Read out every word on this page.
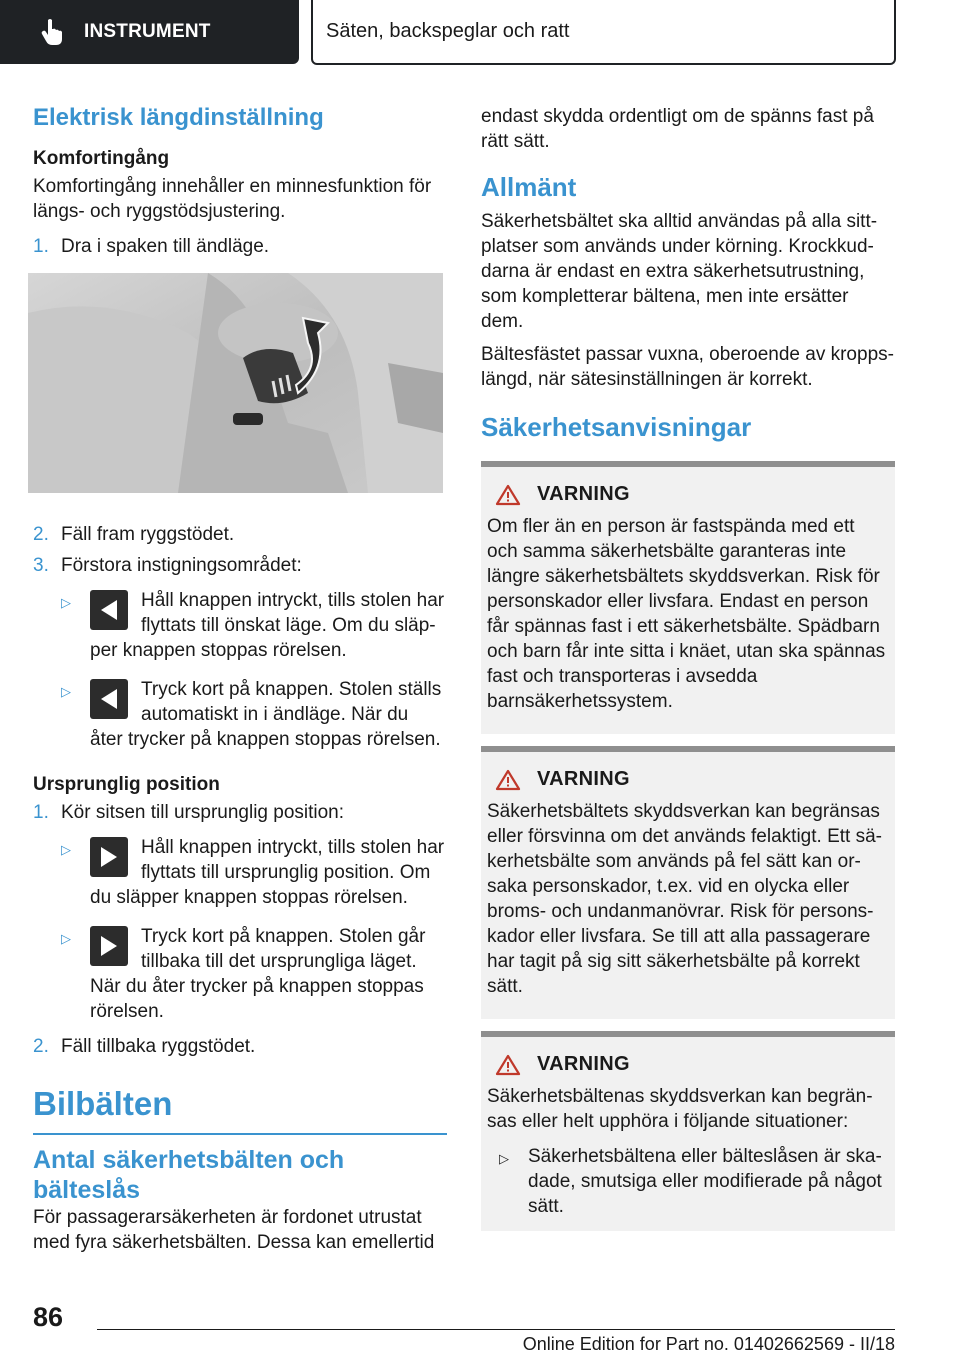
INSTRUMENT	Säten, backspeglar och ratt
Elektrisk längdinställning
Komfortingång

Komfortingång innehåller en minnesfunktion för längs- och ryggstödsjustering.

1. Dra i spaken till ändläge.
2. Fäll fram ryggstödet.
3. Förstora instigningsområdet:
▷	Håll knappen intryckt, tills stolen har flyttats till önskat läge. Om du släpper knappen stoppas rörelsen.
▷	Tryck kort på knappen. Stolen ställs automatiskt in i ändläge. När du åter trycker på knappen stoppas rörelsen.
Ursprunglig position
1. Kör sitsen till ursprunglig position:
▷	Håll knappen intryckt, tills stolen har flyttats till ursprunglig position. Om du släpper knappen stoppas rörelsen.
▷	Tryck kort på knappen. Stolen går tillbaka till det ursprungliga läget. När du åter trycker på knappen stoppas rörelsen.
2. Fäll tillbaka ryggstödet.
Bilbälten
Antal säkerhetsbälten och bälteslås

För passagerarsäkerheten är fordonet utrustat med fyra säkerhetsbälten. Dessa kan emellertid

endast skydda ordentligt om de spänns fast på rätt sätt.

Allmänt

Säkerhetsbältet ska alltid användas på alla sittplatser som används under körning. Krockkuddarna är endast en extra säkerhetsutrustning, som kompletterar bältena, men inte ersätter dem.

Bältesfästet passar vuxna, oberoende av kroppslängd, när sätesinställningen är korrekt.

Säkerhetsanvisningar
VARNING

Om fler än en person är fastspända med ett och samma säkerhetsbälte garanteras inte längre säkerhetsbältets skyddsverkan. Risk för personskador eller livsfara. Endast en person får spännas fast i ett säkerhetsbälte. Spädbarn och barn får inte sitta i knäet, utan ska spännas fast och transporteras i avsedda barnsäkerhetssystem.

VARNING

Säkerhetsbältets skyddsverkan kan begränsas eller försvinna om det används felaktigt. Ett säkerhetsbälte som används på fel sätt kan orsaka personskador, t.ex. vid en olycka eller broms- och undanmanövrar. Risk för personskador eller livsfara. Se till att alla passagerare har tagit på sig sitt säkerhetsbälte på korrekt sätt.

VARNING

Säkerhetsbältenas skyddsverkan kan begränsas eller helt upphöra i följande situationer:

▷	Säkerhetsbältena eller bälteslåsen är skadade, smutsiga eller modifierade på något sätt.
86
Online Edition for Part no. 01402662569 - II/18
